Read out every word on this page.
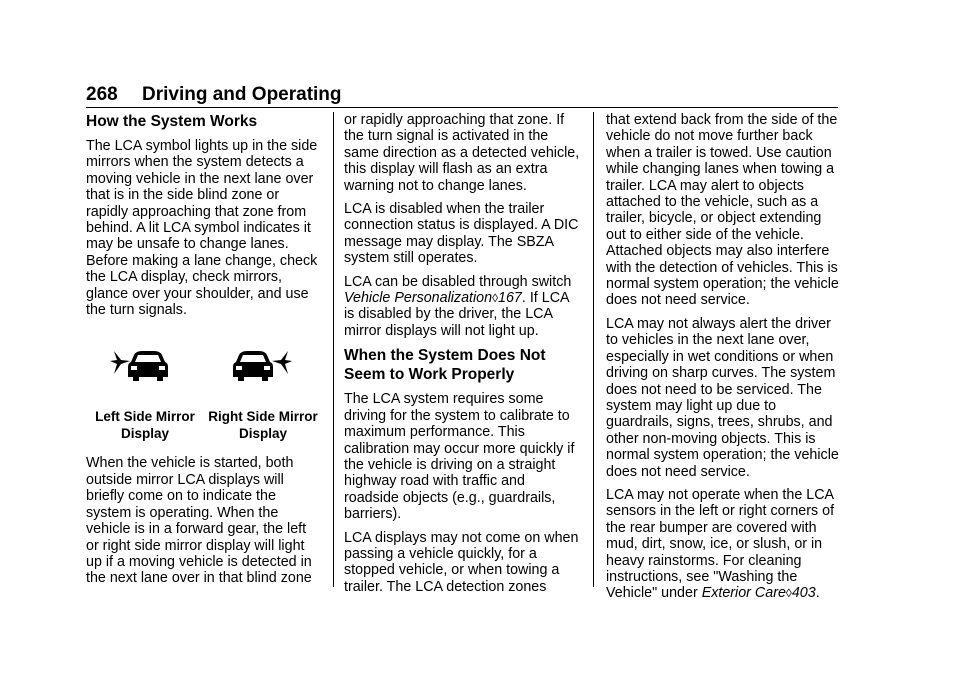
268 Driving and Operating
How the System Works

The LCA symbol lights up in the side mirrors when the system detects a moving vehicle in the next lane over that is in the side blind zone or rapidly approaching that zone from behind. A lit LCA symbol indicates it may be unsafe to change lanes. Before making a lane change, check the LCA display, check mirrors, glance over your shoulder, and use the turn signals.

Left Side Mirror
Display
Right Side Mirror
Display

When the vehicle is started, both outside mirror LCA displays will briefly come on to indicate the system is operating. When the vehicle is in a forward gear, the left or right side mirror display will light up if a moving vehicle is detected in the next lane over in that blind zone

or rapidly approaching that zone. If the turn signal is activated in the same direction as a detected vehicle, this display will flash as an extra warning not to change lanes.

LCA is disabled when the trailer connection status is displayed. A DIC message may display. The SBZA system still operates.

LCA can be disabled through switch Vehicle Personalization◊167. If LCA is disabled by the driver, the LCA mirror displays will not light up.

When the System Does Not Seem to Work Properly

The LCA system requires some driving for the system to calibrate to maximum performance. This calibration may occur more quickly if the vehicle is driving on a straight highway road with traffic and roadside objects (e.g., guardrails, barriers).

LCA displays may not come on when passing a vehicle quickly, for a stopped vehicle, or when towing a trailer. The LCA detection zones

that extend back from the side of the vehicle do not move further back when a trailer is towed. Use caution while changing lanes when towing a trailer. LCA may alert to objects attached to the vehicle, such as a trailer, bicycle, or object extending out to either side of the vehicle. Attached objects may also interfere with the detection of vehicles. This is normal system operation; the vehicle does not need service.

LCA may not always alert the driver to vehicles in the next lane over, especially in wet conditions or when driving on sharp curves. The system does not need to be serviced. The system may light up due to guardrails, signs, trees, shrubs, and other non-moving objects. This is normal system operation; the vehicle does not need service.

LCA may not operate when the LCA sensors in the left or right corners of the rear bumper are covered with mud, dirt, snow, ice, or slush, or in heavy rainstorms. For cleaning instructions, see "Washing the Vehicle" under Exterior Care◊403.
